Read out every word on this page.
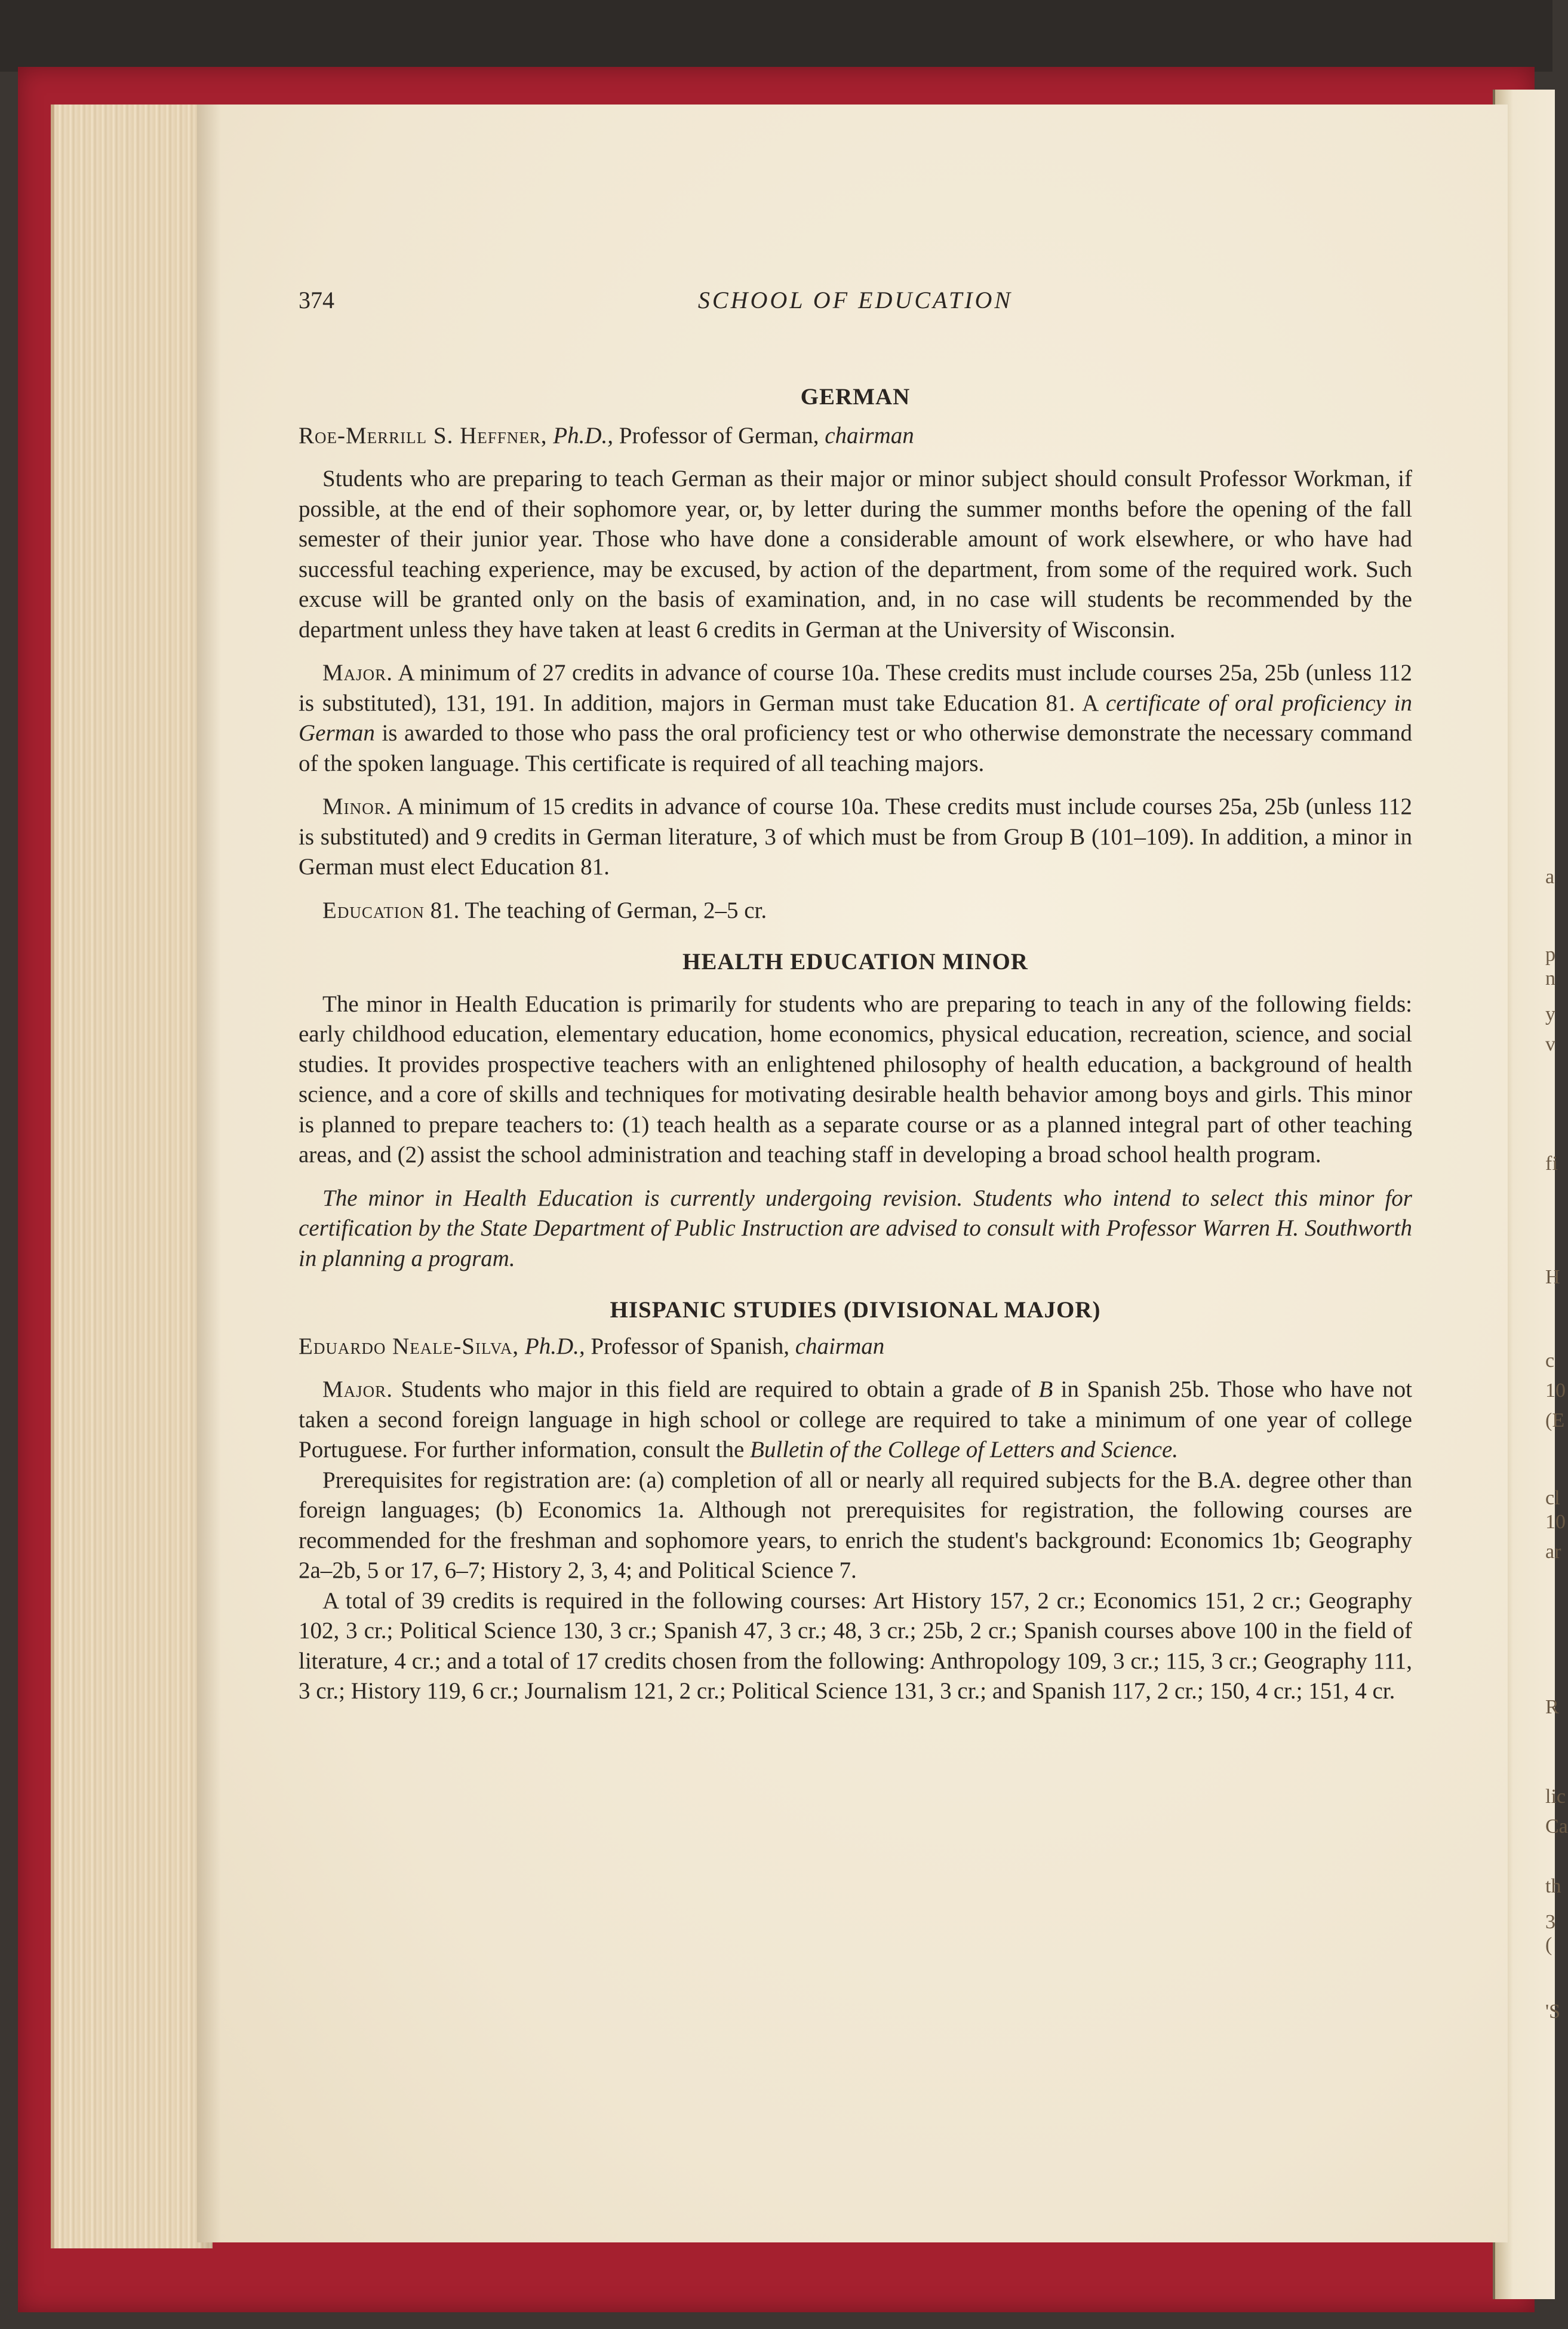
a
p
n
y
v
fi
H
c
10
(E
cl
10
ar
R
lic
Ca
th
3 (
'S
374	SCHOOL OF EDUCATION
GERMAN

Roe-Merrill S. Heffner, Ph.D., Professor of German, chairman

Students who are preparing to teach German as their major or minor subject should consult Professor Workman, if possible, at the end of their sophomore year, or, by letter during the summer months before the opening of the fall semester of their junior year. Those who have done a considerable amount of work elsewhere, or who have had successful teaching experience, may be excused, by action of the department, from some of the required work. Such excuse will be granted only on the basis of examination, and, in no case will students be recommended by the department unless they have taken at least 6 credits in German at the University of Wisconsin.

Major. A minimum of 27 credits in advance of course 10a. These credits must include courses 25a, 25b (unless 112 is substituted), 131, 191. In addition, majors in German must take Education 81. A certificate of oral proficiency in German is awarded to those who pass the oral proficiency test or who otherwise demonstrate the necessary command of the spoken language. This certificate is required of all teaching majors.

Minor. A minimum of 15 credits in advance of course 10a. These credits must include courses 25a, 25b (unless 112 is substituted) and 9 credits in German literature, 3 of which must be from Group B (101–109). In addition, a minor in German must elect Education 81.

Education 81. The teaching of German, 2–5 cr.

HEALTH EDUCATION MINOR

The minor in Health Education is primarily for students who are preparing to teach in any of the following fields: early childhood education, elementary education, home economics, physical education, recreation, science, and social studies. It provides prospective teachers with an enlightened philosophy of health education, a background of health science, and a core of skills and techniques for motivating desirable health behavior among boys and girls. This minor is planned to prepare teachers to: (1) teach health as a separate course or as a planned integral part of other teaching areas, and (2) assist the school administration and teaching staff in developing a broad school health program.

The minor in Health Education is currently undergoing revision. Students who intend to select this minor for certification by the State Department of Public Instruction are advised to consult with Professor Warren H. Southworth in planning a program.

HISPANIC STUDIES (DIVISIONAL MAJOR)

Eduardo Neale-Silva, Ph.D., Professor of Spanish, chairman

Major. Students who major in this field are required to obtain a grade of B in Spanish 25b. Those who have not taken a second foreign language in high school or college are required to take a minimum of one year of college Portuguese. For further information, consult the Bulletin of the College of Letters and Science.

Prerequisites for registration are: (a) completion of all or nearly all required subjects for the B.A. degree other than foreign languages; (b) Economics 1a. Although not prerequisites for registration, the following courses are recommended for the freshman and sophomore years, to enrich the student's background: Economics 1b; Geography 2a–2b, 5 or 17, 6–7; History 2, 3, 4; and Political Science 7.

A total of 39 credits is required in the following courses: Art History 157, 2 cr.; Economics 151, 2 cr.; Geography 102, 3 cr.; Political Science 130, 3 cr.; Spanish 47, 3 cr.; 48, 3 cr.; 25b, 2 cr.; Spanish courses above 100 in the field of literature, 4 cr.; and a total of 17 credits chosen from the following: Anthropology 109, 3 cr.; 115, 3 cr.; Geography 111, 3 cr.; History 119, 6 cr.; Journalism 121, 2 cr.; Political Science 131, 3 cr.; and Spanish 117, 2 cr.; 150, 4 cr.; 151, 4 cr.
